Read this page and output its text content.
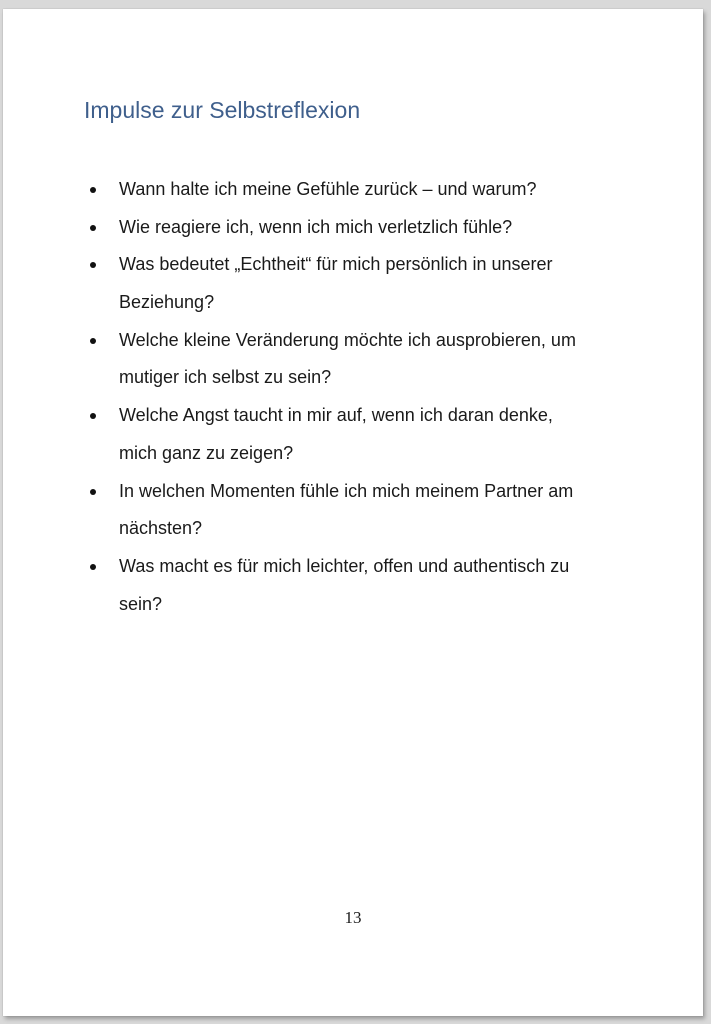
Impulse zur Selbstreflexion
Wann halte ich meine Gefühle zurück – und warum?
Wie reagiere ich, wenn ich mich verletzlich fühle?
Was bedeutet „Echtheit“ für mich persönlich in unserer
Beziehung?
Welche kleine Veränderung möchte ich ausprobieren, um
mutiger ich selbst zu sein?
Welche Angst taucht in mir auf, wenn ich daran denke,
mich ganz zu zeigen?
In welchen Momenten fühle ich mich meinem Partner am
nächsten?
Was macht es für mich leichter, offen und authentisch zu
sein?
13
